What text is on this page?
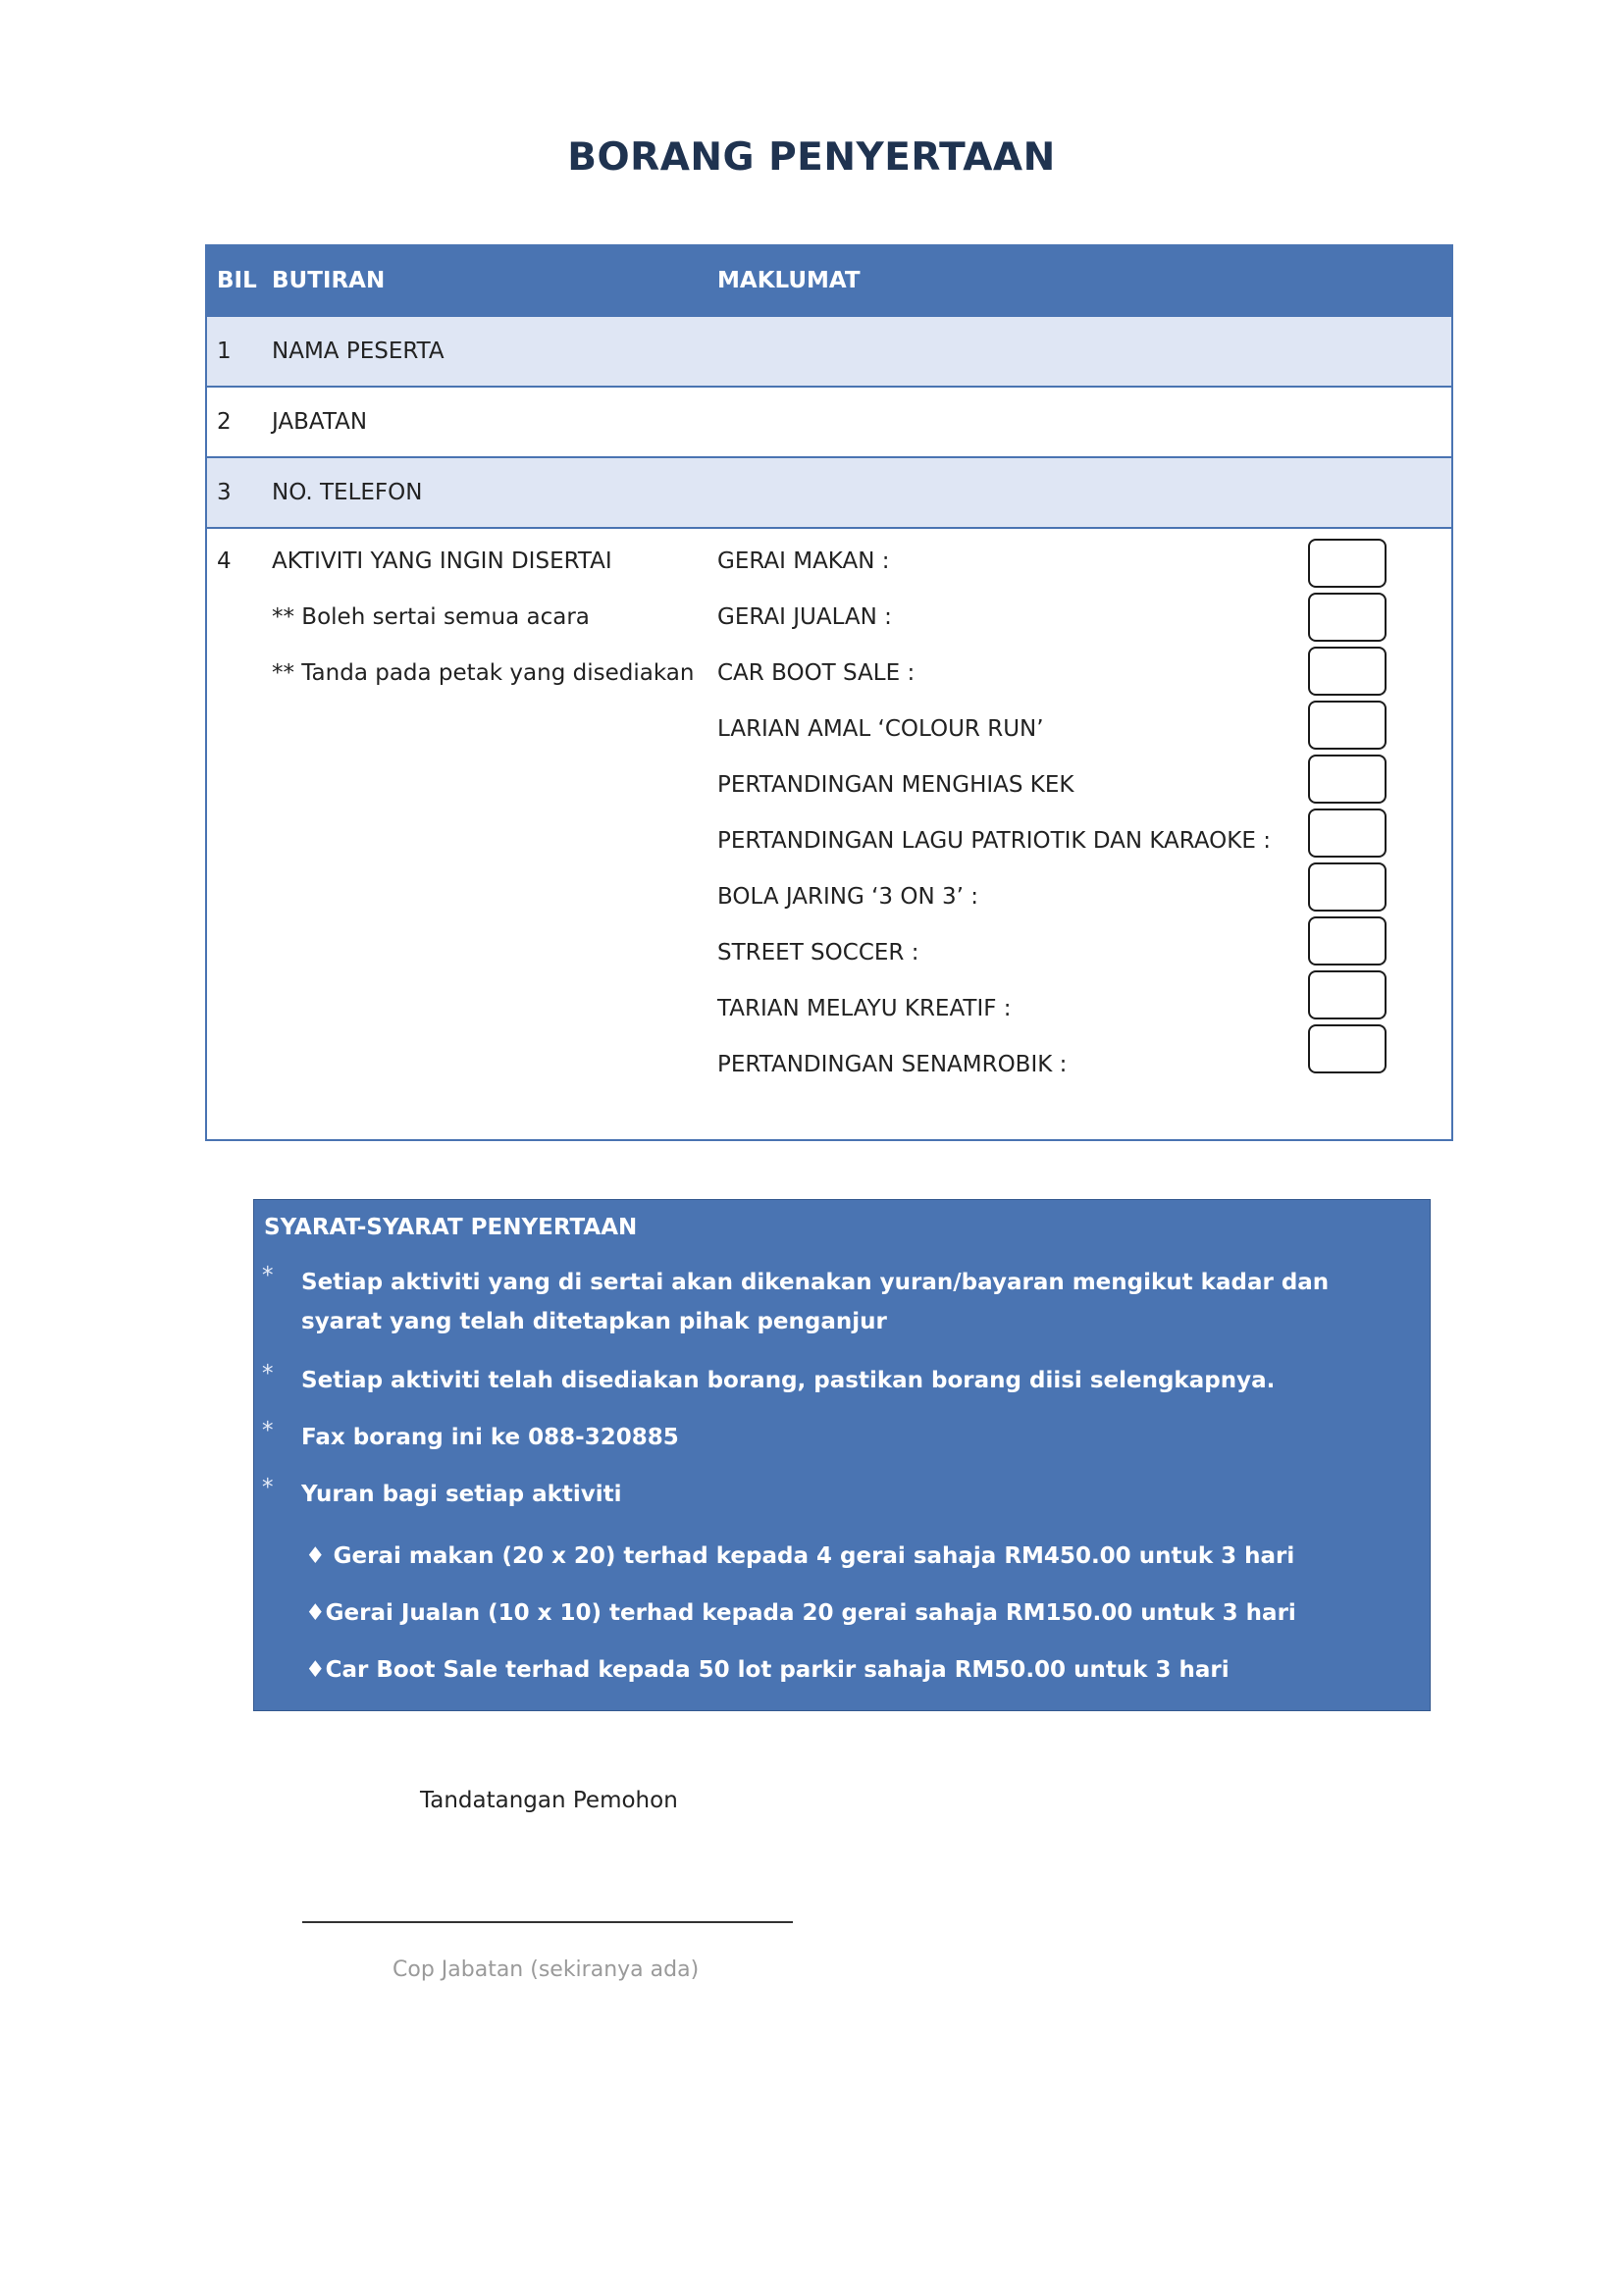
BORANG PENYERTAAN
BIL BUTIRAN	MAKLUMAT
1 NAMA PESERTA
2 JABATAN
3 NO. TELEFON
4 AKTIVITI YANG INGIN DISERTAI
** Boleh sertai semua acara
** Tanda pada petak yang disediakan
GERAI MAKAN :
GERAI JUALAN :
CAR BOOT SALE :
LARIAN AMAL ‘COLOUR RUN’
PERTANDINGAN MENGHIAS KEK
PERTANDINGAN LAGU PATRIOTIK DAN KARAOKE :
BOLA JARING ‘3 ON 3’ :
STREET SOCCER :
TARIAN MELAYU KREATIF :
PERTANDINGAN SENAMROBIK :
SYARAT-SYARAT PENYERTAAN
* Setiap aktiviti yang di sertai akan dikenakan yuran/bayaran mengikut kadar dan syarat yang telah ditetapkan pihak penganjur
* Setiap aktiviti telah disediakan borang, pastikan borang diisi selengkapnya.
* Fax borang ini ke 088-320885
* Yuran bagi setiap aktiviti
♦ Gerai makan (20 x 20) terhad kepada 4 gerai sahaja RM450.00 untuk 3 hari
♦Gerai Jualan (10 x 10) terhad kepada 20 gerai sahaja RM150.00 untuk 3 hari
♦Car Boot Sale terhad kepada 50 lot parkir sahaja RM50.00 untuk 3 hari
Tandatangan Pemohon
Cop Jabatan (sekiranya ada)
